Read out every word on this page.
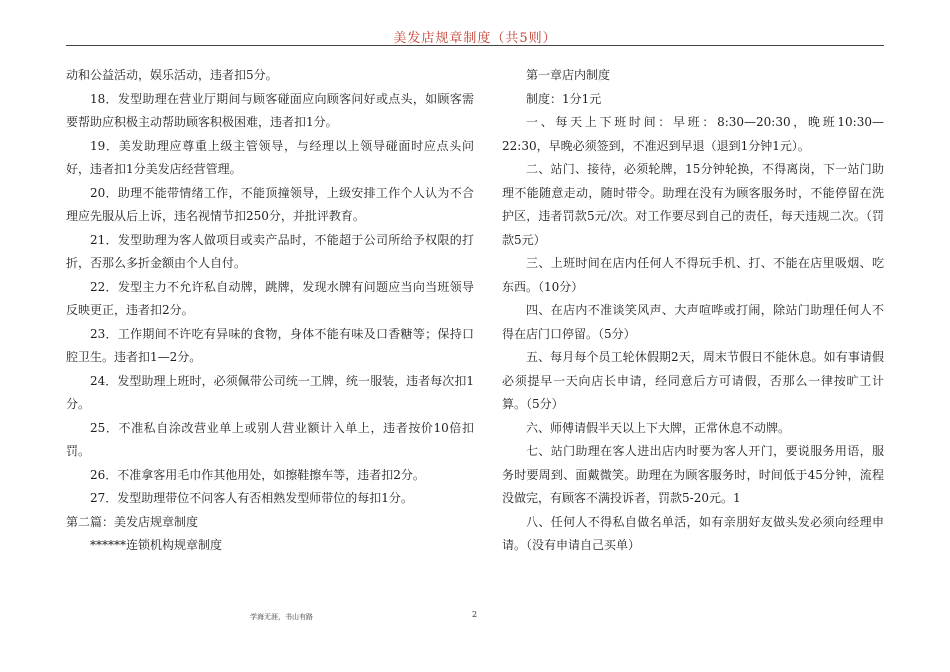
美发店规章制度（共5则）

动和公益活动，娱乐活动，违者扣5分。

18．发型助理在营业厅期间与顾客碰面应向顾客问好或点头，如顾客需要帮助应积极主动帮助顾客积极困难，违者扣1分。

19．美发助理应尊重上级主管领导，与经理以上领导碰面时应点头问好，违者扣1分美发店经营管理。

20．助理不能带情绪工作，不能顶撞领导，上级安排工作个人认为不合理应先服从后上诉，违名视情节扣250分，并批评教育。

21．发型助理为客人做项目或卖产品时，不能超于公司所给予权限的打折，否那么多折金额由个人自付。

22．发型主力不允许私自动牌，跳牌，发现水牌有问题应当向当班领导反映更正，违者扣2分。

23．工作期间不许吃有异味的食物，身体不能有味及口香糖等；保持口腔卫生。违者扣1—2分。

24．发型助理上班时，必须佩带公司统一工牌，统一服装，违者每次扣1分。

25．不准私自涂改营业单上或别人营业额计入单上，违者按价10倍扣罚。

26．不准拿客用毛巾作其他用处，如擦鞋擦车等，违者扣2分。

27．发型助理带位不问客人有否相熟发型师带位的每扣1分。

第二篇：美发店规章制度

******连锁机构规章制度

第一章店内制度

制度：1分1元

一、每天上下班时间：早班：8:30—20:30，晚班10:30—22:30，早晚必须签到，不准迟到早退（退到1分钟1元）。

二、站门、接待，必须轮牌，15分钟轮换，不得离岗，下一站门助理不能随意走动，随时带令。助理在没有为顾客服务时，不能停留在洗护区，违者罚款5元/次。对工作要尽到自己的责任，每天违规二次。（罚款5元）

三、上班时间在店内任何人不得玩手机、打、不能在店里吸烟、吃东西。（10分）

四、在店内不准谈笑风声、大声喧哗或打闹，除站门助理任何人不得在店门口停留。（5分）

五、每月每个员工轮休假期2天，周末节假日不能休息。如有事请假必须提早一天向店长申请，经同意后方可请假，否那么一律按旷工计算。（5分）

六、师傅请假半天以上下大牌，正常休息不动牌。

七、站门助理在客人进出店内时要为客人开门，要说服务用语，服务时要周到、面戴微笑。助理在为顾客服务时，时间低于45分钟，流程没做完，有顾客不满投诉者，罚款5-20元。1

八、任何人不得私自做名单活，如有亲朋好友做头发必须向经理申请。（没有申请自己买单）

学海无涯，书山有路	2
